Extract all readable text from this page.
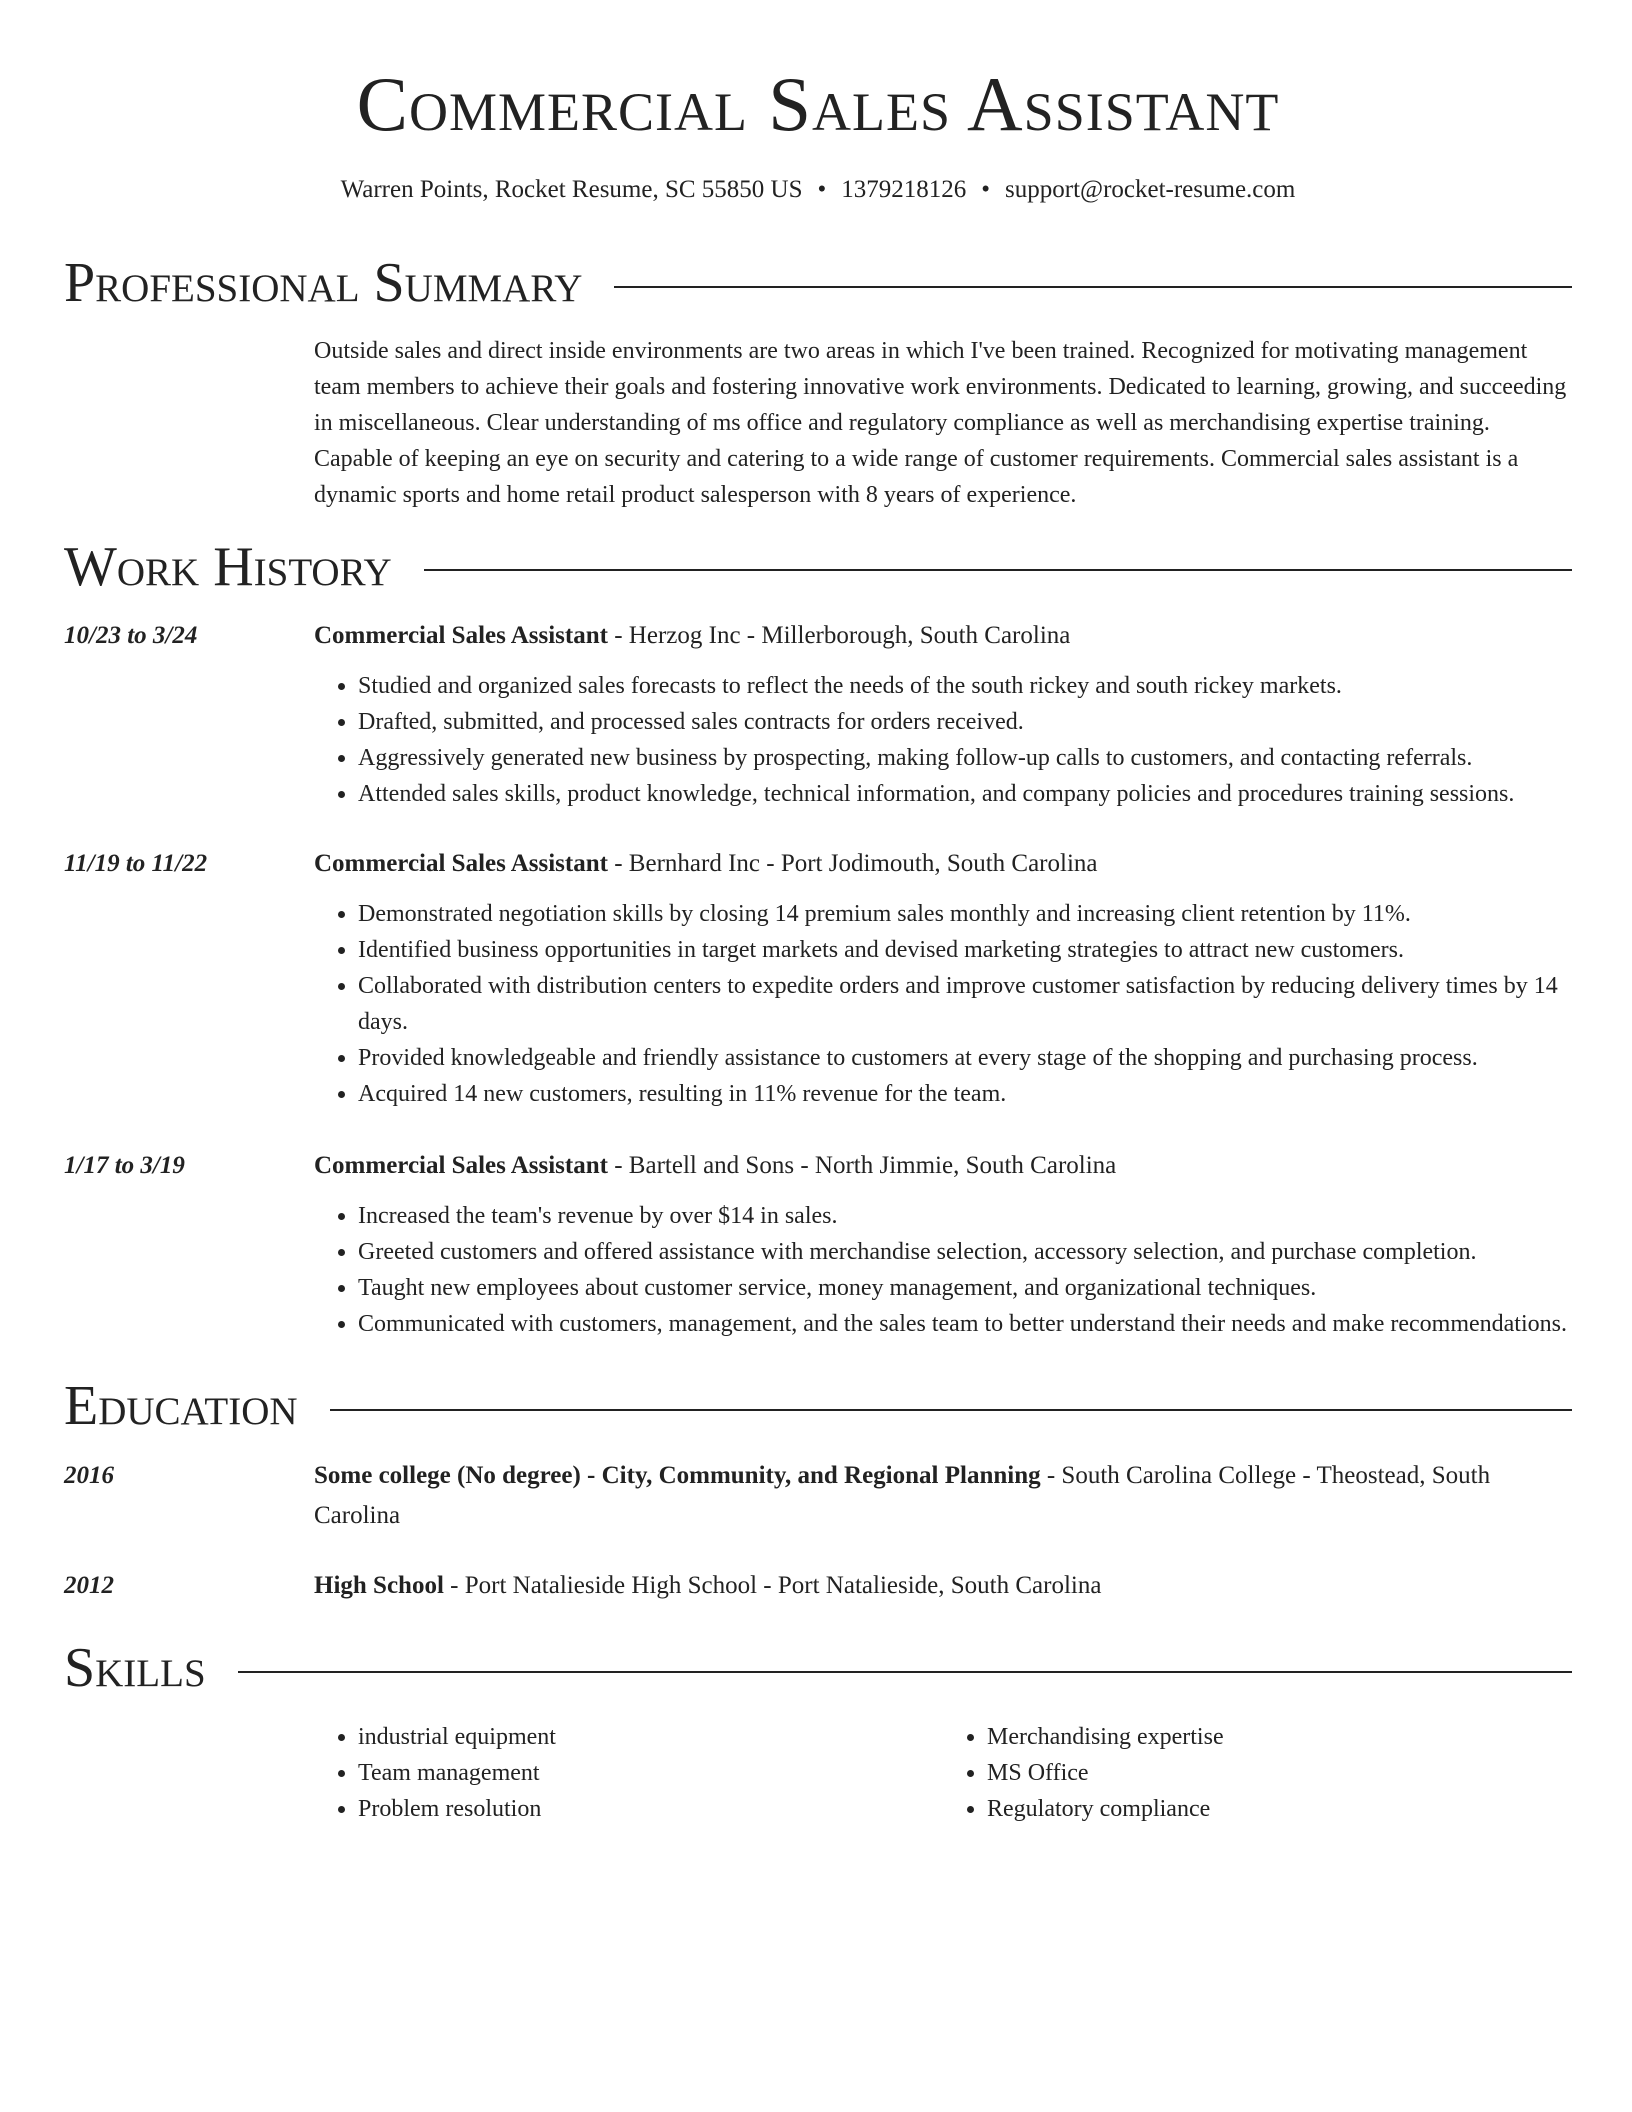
Commercial Sales Assistant
Warren Points, Rocket Resume, SC 55850 US • 1379218126 • support@rocket-resume.com
Professional Summary
Outside sales and direct inside environments are two areas in which I've been trained. Recognized for motivating management team members to achieve their goals and fostering innovative work environments. Dedicated to learning, growing, and succeeding in miscellaneous. Clear understanding of ms office and regulatory compliance as well as merchandising expertise training. Capable of keeping an eye on security and catering to a wide range of customer requirements. Commercial sales assistant is a dynamic sports and home retail product salesperson with 8 years of experience.
Work History
10/23 to 3/24	Commercial Sales Assistant - Herzog Inc - Millerborough, South Carolina
• Studied and organized sales forecasts to reflect the needs of the south rickey and south rickey markets.
• Drafted, submitted, and processed sales contracts for orders received.
• Aggressively generated new business by prospecting, making follow-up calls to customers, and contacting referrals.
• Attended sales skills, product knowledge, technical information, and company policies and procedures training sessions.
11/19 to 11/22	Commercial Sales Assistant - Bernhard Inc - Port Jodimouth, South Carolina
• Demonstrated negotiation skills by closing 14 premium sales monthly and increasing client retention by 11%.
• Identified business opportunities in target markets and devised marketing strategies to attract new customers.
• Collaborated with distribution centers to expedite orders and improve customer satisfaction by reducing delivery times by 14 days.
• Provided knowledgeable and friendly assistance to customers at every stage of the shopping and purchasing process.
• Acquired 14 new customers, resulting in 11% revenue for the team.
1/17 to 3/19	Commercial Sales Assistant - Bartell and Sons - North Jimmie, South Carolina
• Increased the team's revenue by over $14 in sales.
• Greeted customers and offered assistance with merchandise selection, accessory selection, and purchase completion.
• Taught new employees about customer service, money management, and organizational techniques.
• Communicated with customers, management, and the sales team to better understand their needs and make recommendations.
Education
2016	Some college (No degree) - City, Community, and Regional Planning - South Carolina College - Theostead, South Carolina
2012	High School - Port Natalieside High School - Port Natalieside, South Carolina
Skills
• industrial equipment
• Team management
• Problem resolution
• Merchandising expertise
• MS Office
• Regulatory compliance
